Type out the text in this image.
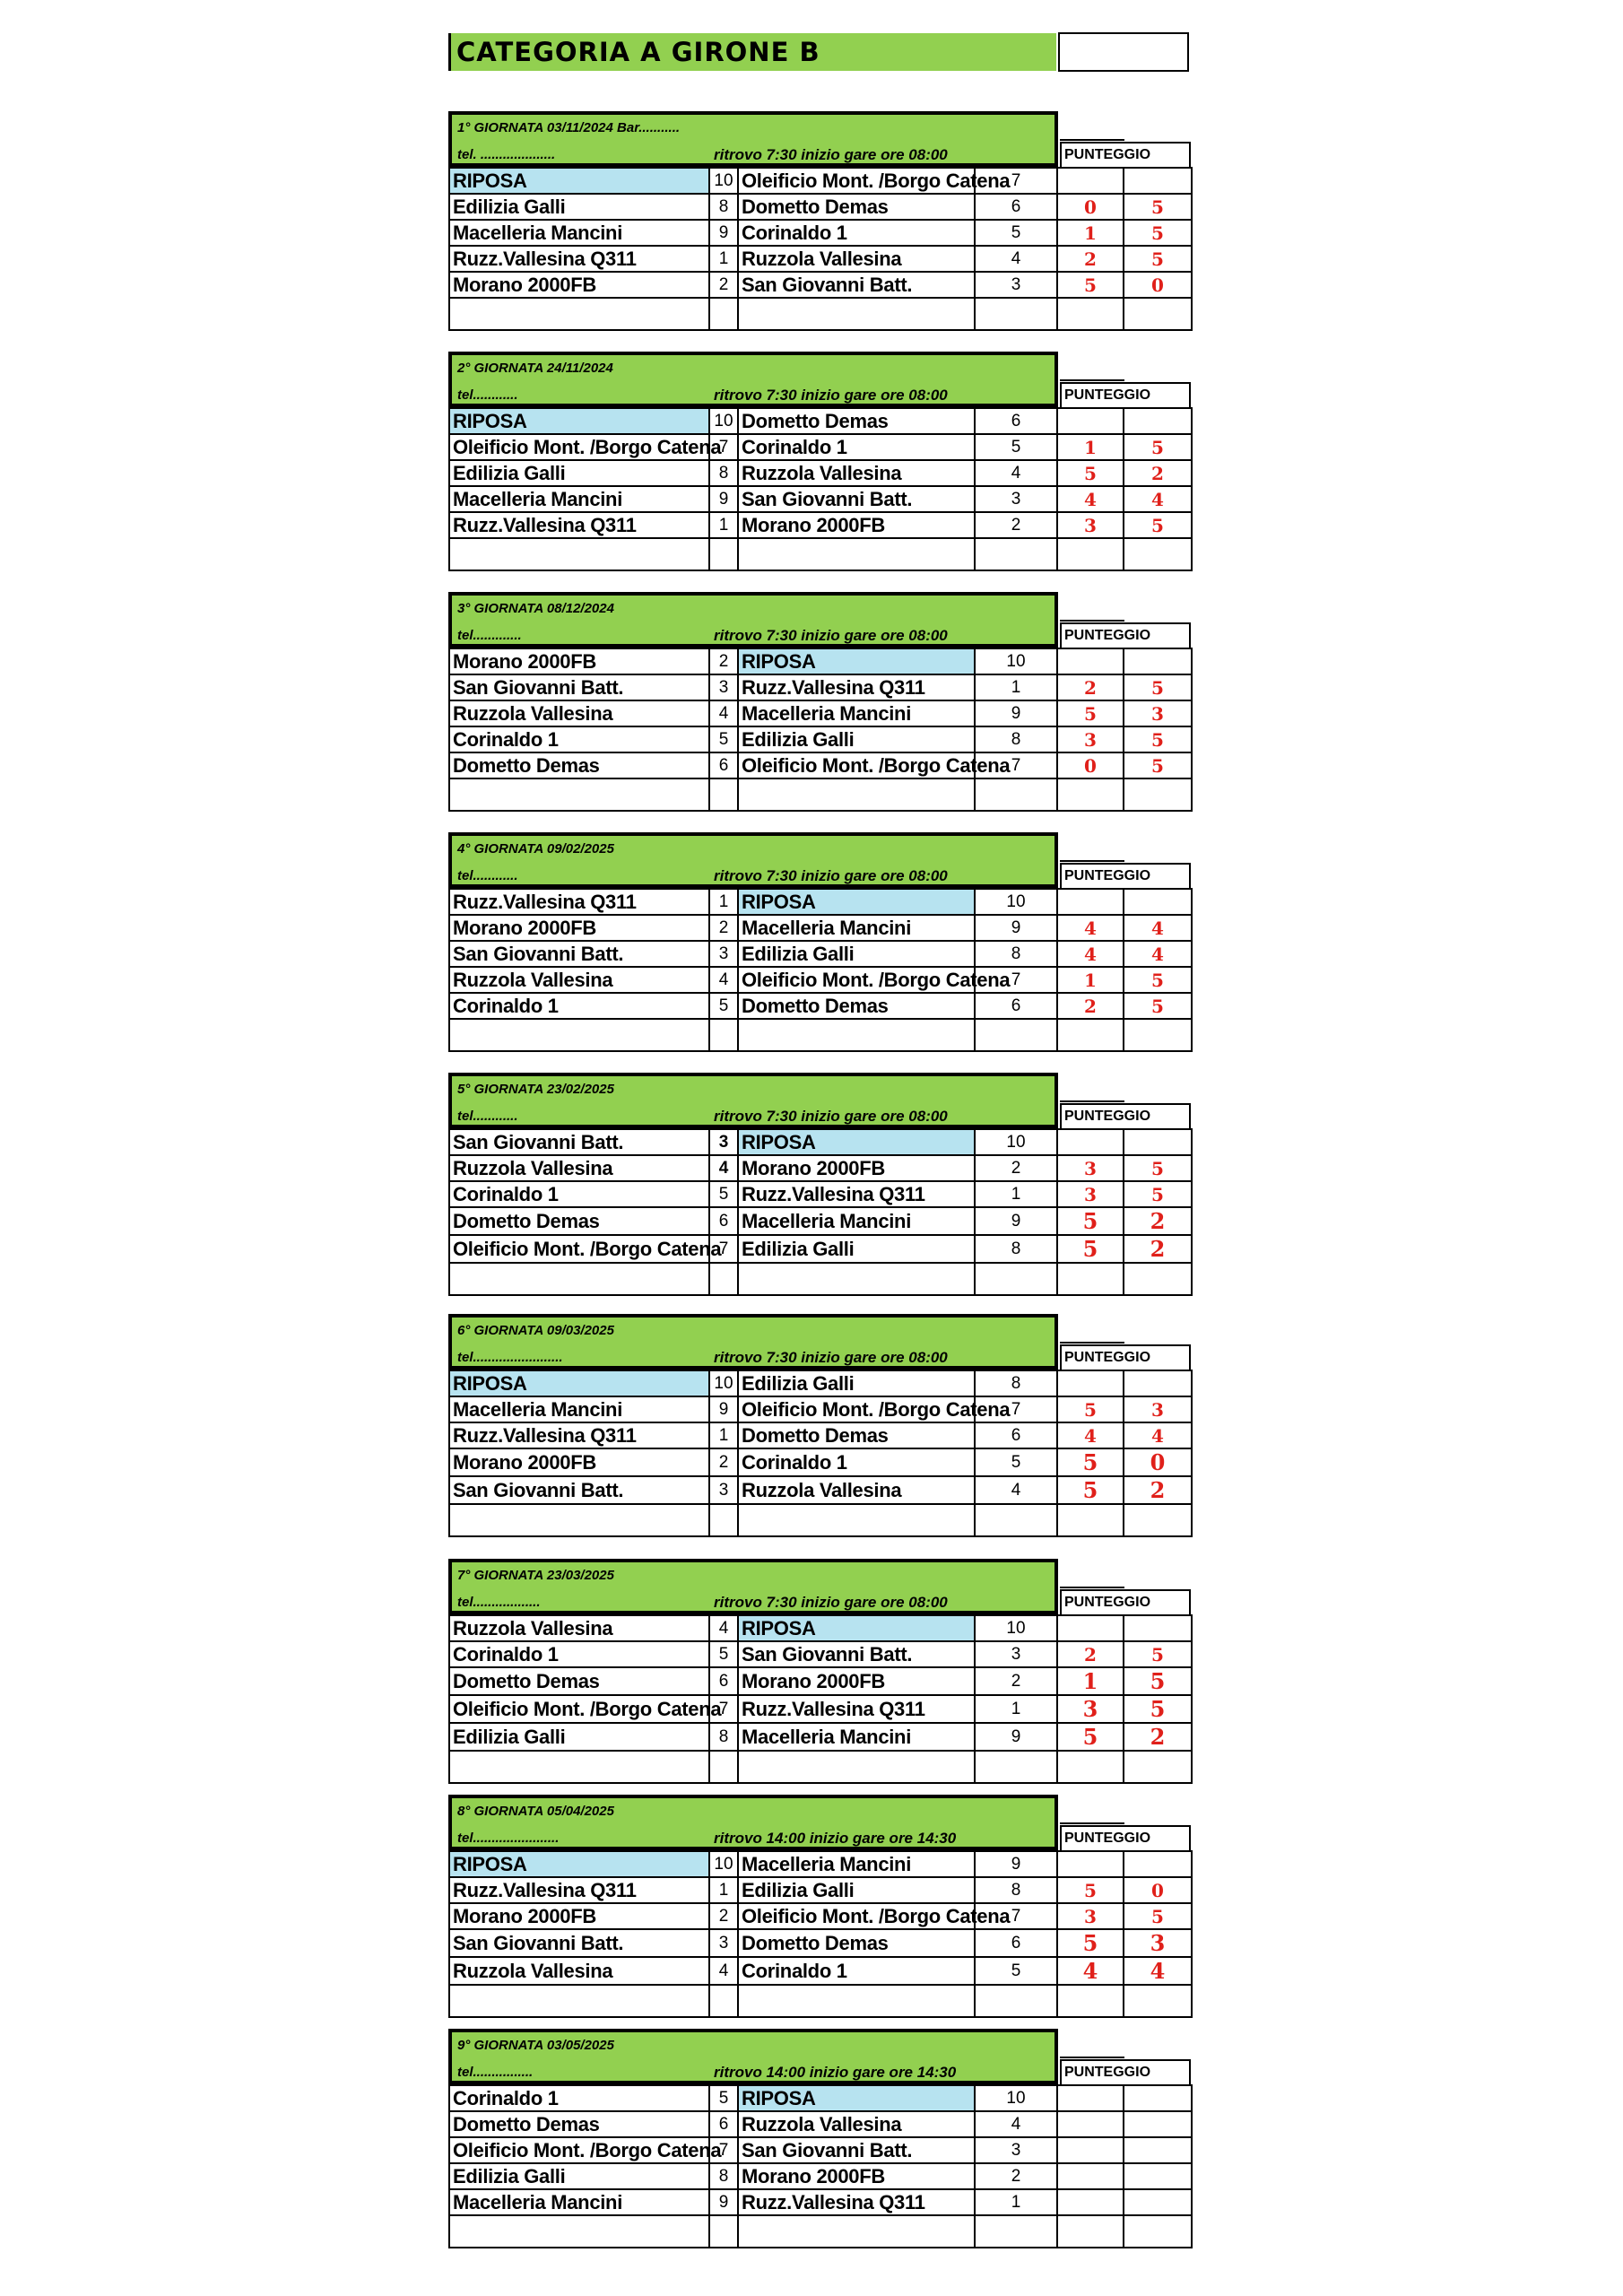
CATEGORIA A GIRONE B
1° GIORNATA 03/11/2024 Bar...........
tel. ....................	ritrovo 7:30 inizio gare ore 08:00	PUNTEGGIO
RIPOSA	10	Oleificio Mont. /Borgo Catena	7		
Edilizia Galli	8	Dometto Demas	6	0	5
Macelleria Mancini	9	Corinaldo 1	5	1	5
Ruzz.Vallesina Q311	1	Ruzzola Vallesina	4	2	5
Morano 2000FB	2	San Giovanni Batt.	3	5	0

2° GIORNATA 24/11/2024
tel............	ritrovo 7:30 inizio gare ore 08:00	PUNTEGGIO
RIPOSA	10	Dometto Demas	6		
Oleificio Mont. /Borgo Catena	7	Corinaldo 1	5	1	5
Edilizia Galli	8	Ruzzola Vallesina	4	5	2
Macelleria Mancini	9	San Giovanni Batt.	3	4	4
Ruzz.Vallesina Q311	1	Morano 2000FB	2	3	5

3° GIORNATA 08/12/2024
tel.............	ritrovo 7:30 inizio gare ore 08:00	PUNTEGGIO
Morano 2000FB	2	RIPOSA	10		
San Giovanni Batt.	3	Ruzz.Vallesina Q311	1	2	5
Ruzzola Vallesina	4	Macelleria Mancini	9	5	3
Corinaldo 1	5	Edilizia Galli	8	3	5
Dometto Demas	6	Oleificio Mont. /Borgo Catena	7	0	5

4° GIORNATA 09/02/2025
tel............	ritrovo 7:30 inizio gare ore 08:00	PUNTEGGIO
Ruzz.Vallesina Q311	1	RIPOSA	10		
Morano 2000FB	2	Macelleria Mancini	9	4	4
San Giovanni Batt.	3	Edilizia Galli	8	4	4
Ruzzola Vallesina	4	Oleificio Mont. /Borgo Catena	7	1	5
Corinaldo 1	5	Dometto Demas	6	2	5

5° GIORNATA 23/02/2025
tel............	ritrovo 7:30 inizio gare ore 08:00	PUNTEGGIO
San Giovanni Batt.	3	RIPOSA	10		
Ruzzola Vallesina	4	Morano 2000FB	2	3	5
Corinaldo 1	5	Ruzz.Vallesina Q311	1	3	5
Dometto Demas	6	Macelleria Mancini	9	5	2
Oleificio Mont. /Borgo Catena	7	Edilizia Galli	8	5	2

6° GIORNATA 09/03/2025
tel........................	ritrovo 7:30 inizio gare ore 08:00	PUNTEGGIO
RIPOSA	10	Edilizia Galli	8		
Macelleria Mancini	9	Oleificio Mont. /Borgo Catena	7	5	3
Ruzz.Vallesina Q311	1	Dometto Demas	6	4	4
Morano 2000FB	2	Corinaldo 1	5	5	0
San Giovanni Batt.	3	Ruzzola Vallesina	4	5	2

7° GIORNATA 23/03/2025
tel..................	ritrovo 7:30 inizio gare ore 08:00	PUNTEGGIO
Ruzzola Vallesina	4	RIPOSA	10		
Corinaldo 1	5	San Giovanni Batt.	3	2	5
Dometto Demas	6	Morano 2000FB	2	1	5
Oleificio Mont. /Borgo Catena	7	Ruzz.Vallesina Q311	1	3	5
Edilizia Galli	8	Macelleria Mancini	9	5	2

8° GIORNATA 05/04/2025
tel.......................	ritrovo 14:00 inizio gare ore 14:30	PUNTEGGIO
RIPOSA	10	Macelleria Mancini	9		
Ruzz.Vallesina Q311	1	Edilizia Galli	8	5	0
Morano 2000FB	2	Oleificio Mont. /Borgo Catena	7	3	5
San Giovanni Batt.	3	Dometto Demas	6	5	3
Ruzzola Vallesina	4	Corinaldo 1	5	4	4

9° GIORNATA 03/05/2025
tel................	ritrovo 14:00 inizio gare ore 14:30	PUNTEGGIO
Corinaldo 1	5	RIPOSA	10		
Dometto Demas	6	Ruzzola Vallesina	4		
Oleificio Mont. /Borgo Catena	7	San Giovanni Batt.	3		
Edilizia Galli	8	Morano 2000FB	2		
Macelleria Mancini	9	Ruzz.Vallesina Q311	1		
